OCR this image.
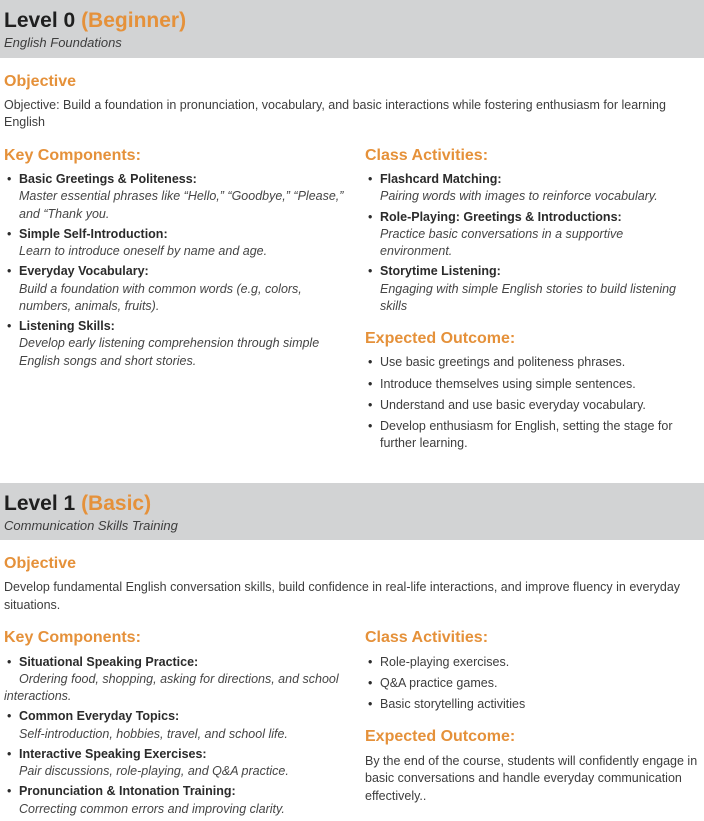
Level 0 (Beginner)
English Foundations
Objective

Objective: Build a foundation in pronunciation, vocabulary, and basic interactions while fostering enthusiasm for learning English

Key Components:
• Basic Greetings & Politeness:

Master essential phrases like “Hello,” “Goodbye,” “Please,” and “Thank you.

• Simple Self-Introduction:

Learn to introduce oneself by name and age.

• Everyday Vocabulary:

Build a foundation with common words (e.g, colors, numbers, animals, fruits).

• Listening Skills:

Develop early listening comprehension through simple English songs and short stories.

Class Activities:
• Flashcard Matching:

Pairing words with images to reinforce vocabulary.

• Role-Playing: Greetings & Introductions:

Practice basic conversations in a supportive environment.

• Storytime Listening:

Engaging with simple English stories to build listening skills

Expected Outcome:
• Use basic greetings and politeness phrases.
• Introduce themselves using simple sentences.
• Understand and use basic everyday vocabulary.
• Develop enthusiasm for English, setting the stage for further learning.
Level 1 (Basic)
Communication Skills Training
Objective

Develop fundamental English conversation skills, build confidence in real-life interactions, and improve fluency in everyday situations.

Key Components:
• Situational Speaking Practice:

Ordering food, shopping, asking for directions, and school interactions.

• Common Everyday Topics:

Self-introduction, hobbies, travel, and school life.

• Interactive Speaking Exercises:

Pair discussions, role-playing, and Q&A practice.

• Pronunciation & Intonation Training:

Correcting common errors and improving clarity.

Class Activities:
• Role-playing exercises.
• Q&A practice games.
• Basic storytelling activities
Expected Outcome:

By the end of the course, students will confidently engage in basic conversations and handle everyday communication effectively..
